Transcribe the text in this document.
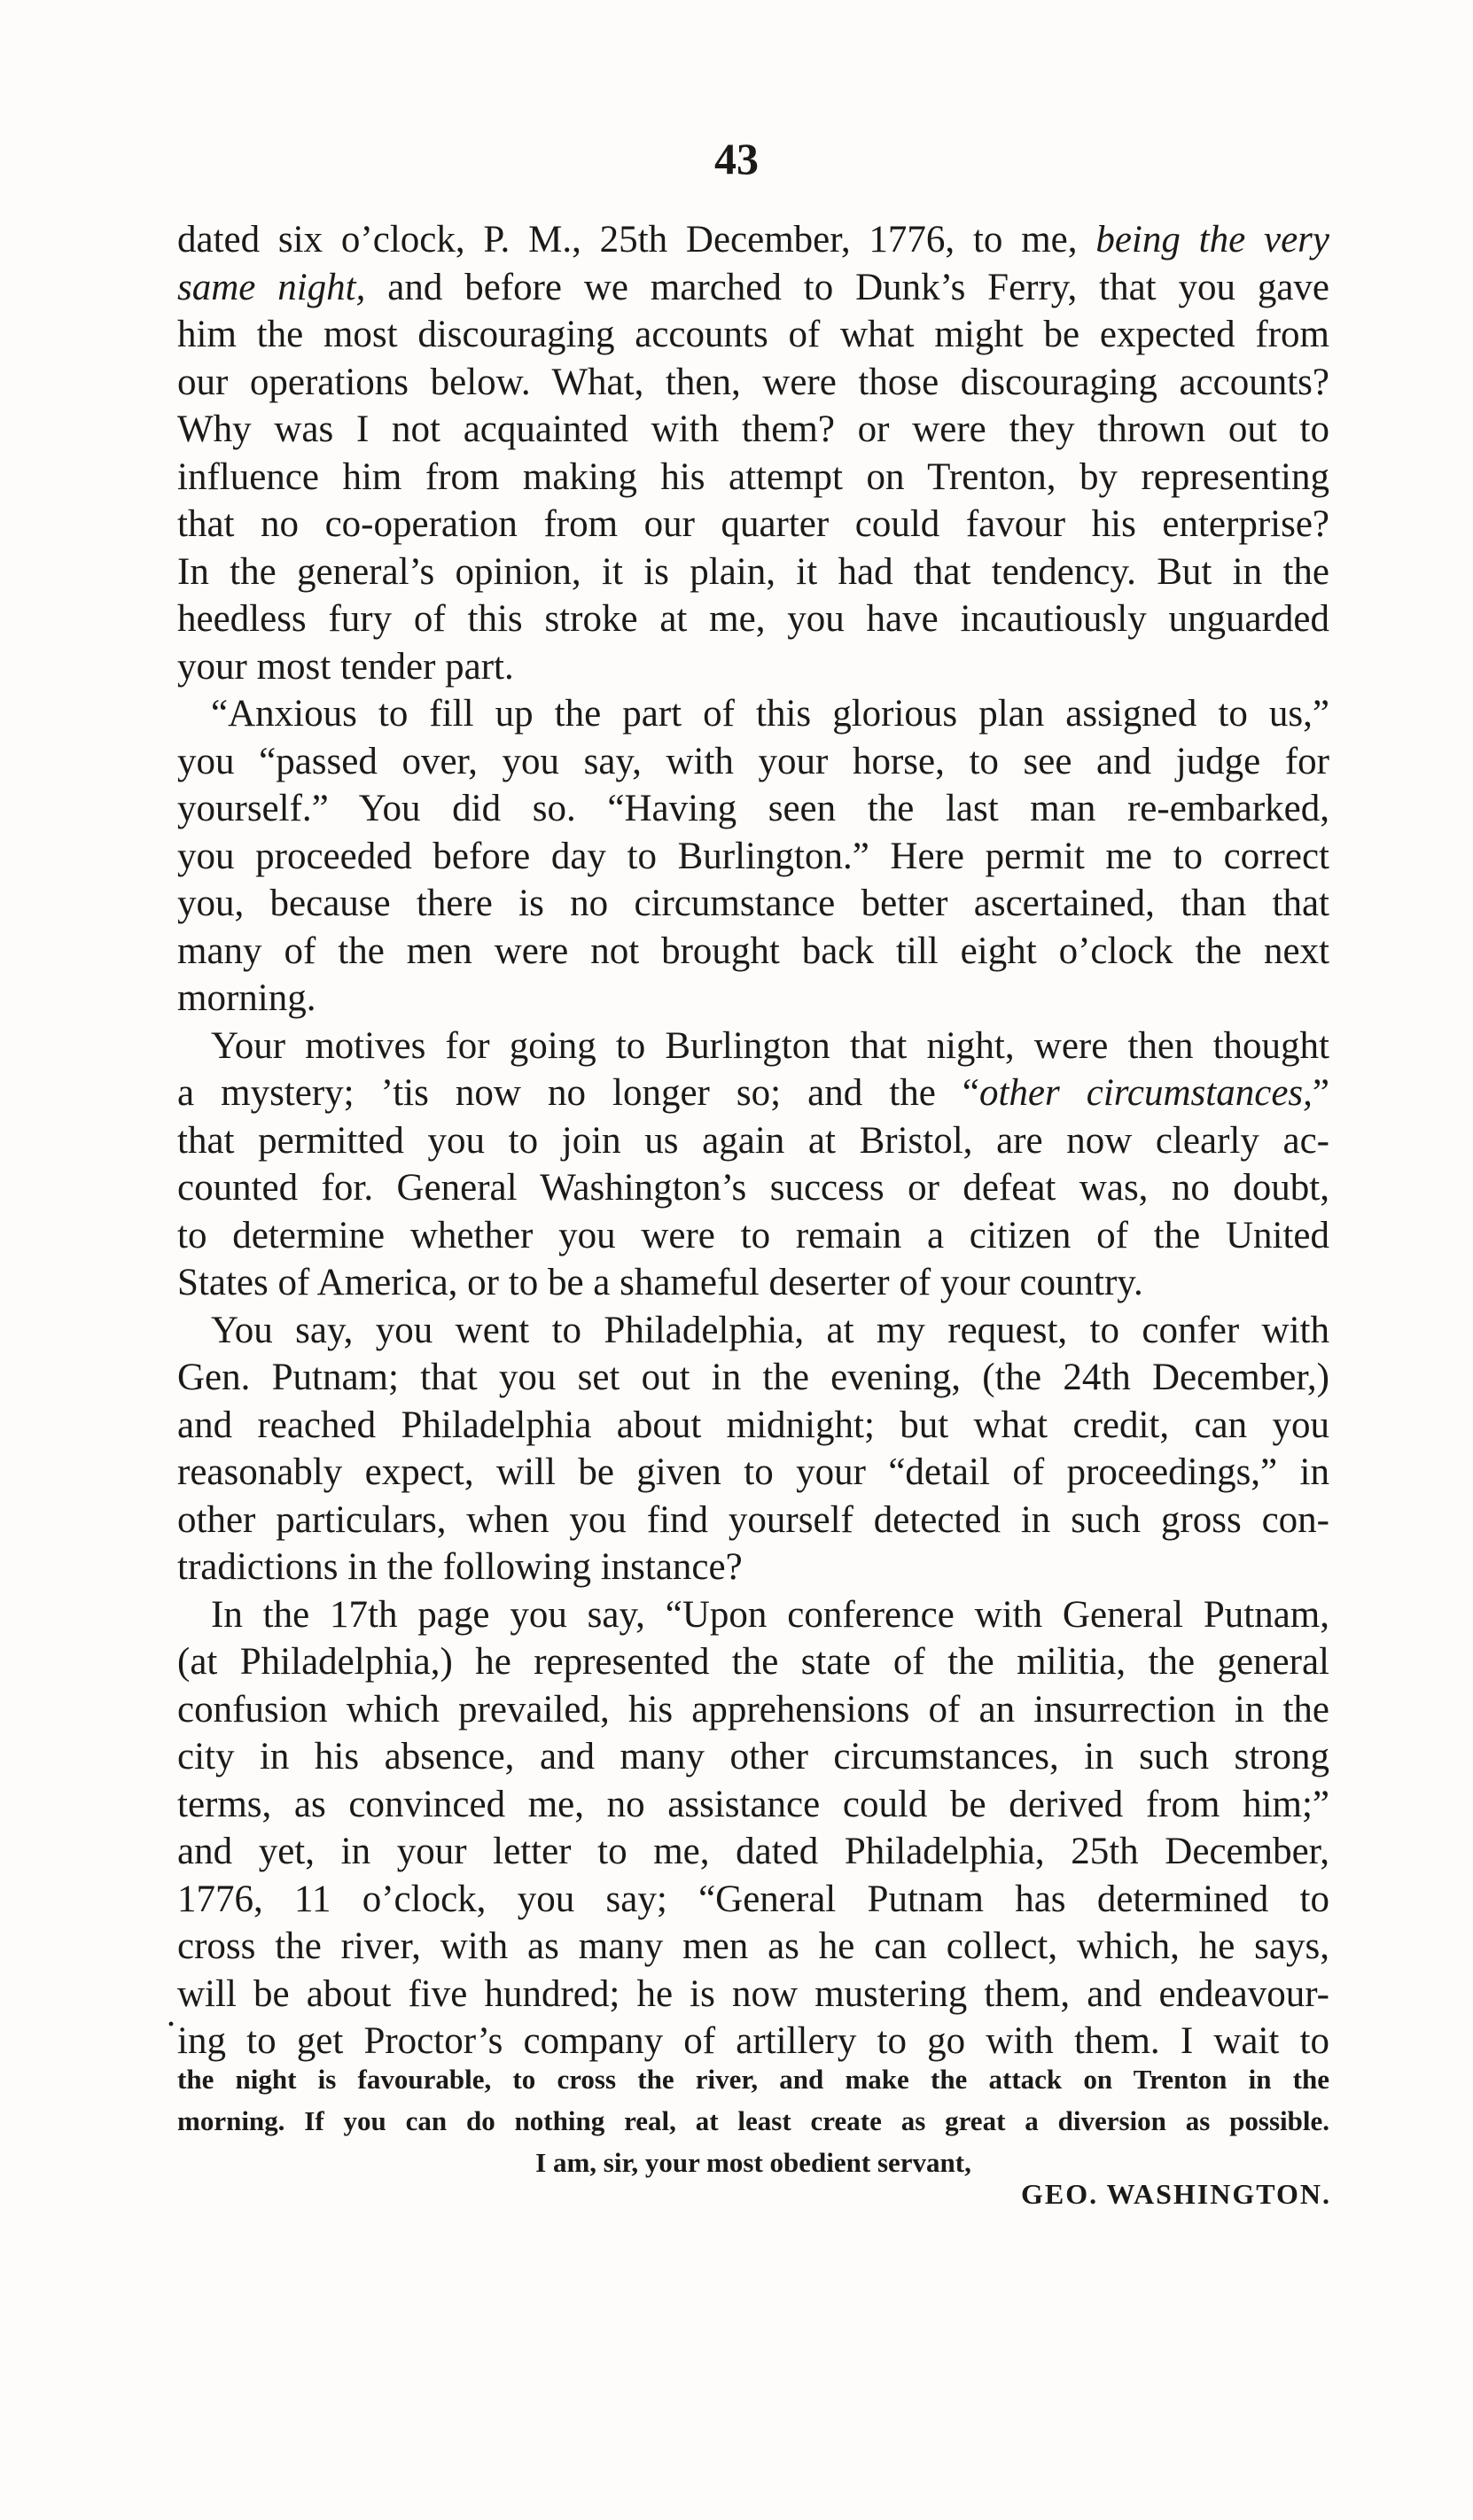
43

dated six o’clock, P. M., 25th December, 1776, to me, being the very

same night, and before we marched to Dunk’s Ferry, that you gave

him the most discouraging accounts of what might be expected from

our operations below. What, then, were those discouraging accounts?

Why was I not acquainted with them? or were they thrown out to

influence him from making his attempt on Trenton, by representing

that no co-operation from our quarter could favour his enterprise?

In the general’s opinion, it is plain, it had that tendency. But in the

heedless fury of this stroke at me, you have incautiously unguarded

your most tender part.

“Anxious to fill up the part of this glorious plan assigned to us,”

you “passed over, you say, with your horse, to see and judge for

yourself.” You did so. “Having seen the last man re-embarked,

you proceeded before day to Burlington.” Here permit me to correct

you, because there is no circumstance better ascertained, than that

many of the men were not brought back till eight o’clock the next

morning.

Your motives for going to Burlington that night, were then thought

a mystery; ’tis now no longer so; and the “other circumstances,”

that permitted you to join us again at Bristol, are now clearly ac-

counted for. General Washington’s success or defeat was, no doubt,

to determine whether you were to remain a citizen of the United

States of America, or to be a shameful deserter of your country.

You say, you went to Philadelphia, at my request, to confer with

Gen. Putnam; that you set out in the evening, (the 24th December,)

and reached Philadelphia about midnight; but what credit, can you

reasonably expect, will be given to your “detail of proceedings,” in

other particulars, when you find yourself detected in such gross con-

tradictions in the following instance?

In the 17th page you say, “Upon conference with General Putnam,

(at Philadelphia,) he represented the state of the militia, the general

confusion which prevailed, his apprehensions of an insurrection in the

city in his absence, and many other circumstances, in such strong

terms, as convinced me, no assistance could be derived from him;”

and yet, in your letter to me, dated Philadelphia, 25th December,

1776, 11 o’clock, you say; “General Putnam has determined to

cross the river, with as many men as he can collect, which, he says,

will be about five hundred; he is now mustering them, and endeavour-

ing to get Proctor’s company of artillery to go with them. I wait to

·

the night is favourable, to cross the river, and make the attack on Trenton in the

morning. If you can do nothing real, at least create as great a diversion as possible.

I am, sir, your most obedient servant,

GEO. WASHINGTON.
